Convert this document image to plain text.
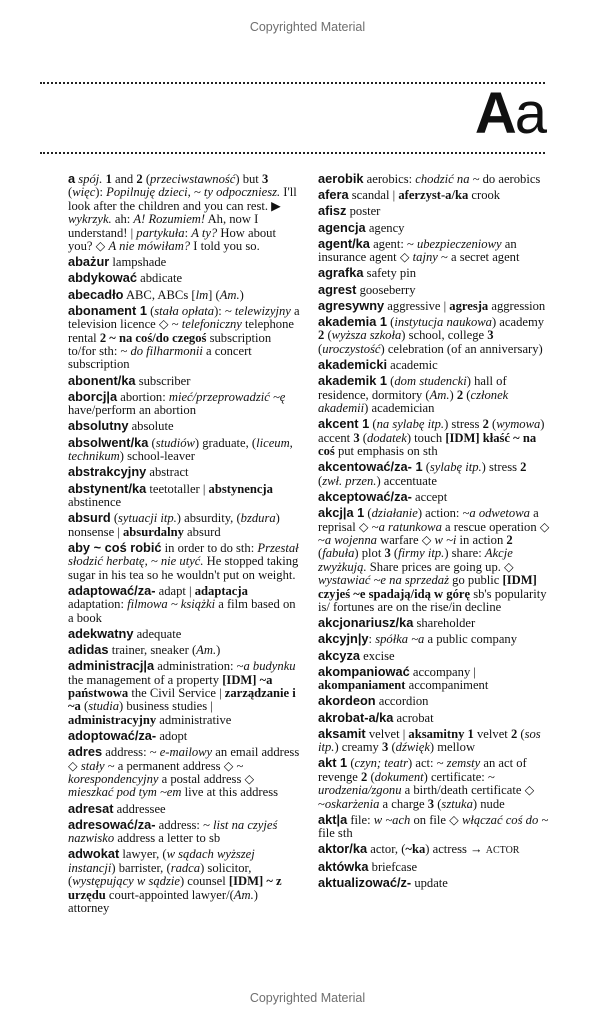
Copyrighted Material
Aa
a spój. 1 and 2 (przeciwstawność) but 3 (więc): Popilnuję dzieci, ~ ty odpoczniesz. I'll look after the children and you can rest. ▶ wykrzyk. ah: A! Rozumiem! Ah, now I understand! | partykuła: A ty? How about you? ◇ A nie mówiłam? I told you so.
abażur lampshade
abdykować abdicate
abecadło ABC, ABCs [lm] (Am.)
abonament 1 (stała opłata): ~ telewizyjny a television licence ◇ ~ telefoniczny telephone rental 2 ~ na coś/do czegoś subscription to/for sth: ~ do filharmonii a concert subscription
abonent/ka subscriber
aborcj|a abortion: mieć/przeprowadzić ~ę have/perform an abortion
absolutny absolute
absolwent/ka (studiów) graduate, (liceum, technikum) school-leaver
abstrakcyjny abstract
abstynent/ka teetotaller | abstynencja abstinence
absurd (sytuacji itp.) absurdity, (bzdura) nonsense | absurdalny absurd
aby ~ coś robić in order to do sth: Przestał słodzić herbatę, ~ nie utyć. He stopped taking sugar in his tea so he wouldn't put on weight.
adaptować/za- adapt | adaptacja adaptation: filmowa ~ książki a film based on a book
adekwatny adequate
adidas trainer, sneaker (Am.)
administracj|a administration: ~a budynku the management of a property [IDM] ~a państwowa the Civil Service | zarządzanie i ~a (studia) business studies | administracyjny administrative
adoptować/za- adopt
adres address: ~ e-mailowy an email address ◇ stały ~ a permanent address ◇ ~ korespondencyjny a postal address ◇ mieszkać pod tym ~em live at this address
adresat addressee
adresować/za- address: ~ list na czyjeś nazwisko address a letter to sb
adwokat lawyer, (w sądach wyższej instancji) barrister, (radca) solicitor, (występujący w sądzie) counsel [IDM] ~ z urzędu court-appointed lawyer/(Am.) attorney
aerobik aerobics: chodzić na ~ do aerobics
afera scandal | aferzyst-a/ka crook
afisz poster
agencja agency
agent/ka agent: ~ ubezpieczeniowy an insurance agent ◇ tajny ~ a secret agent
agrafka safety pin
agrest gooseberry
agresywny aggressive | agresja aggression
akademia 1 (instytucja naukowa) academy 2 (wyższa szkoła) school, college 3 (uroczystość) celebration (of an anniversary)
akademicki academic
akademik 1 (dom studencki) hall of residence, dormitory (Am.) 2 (członek akademii) academician
akcent 1 (na sylabę itp.) stress 2 (wymowa) accent 3 (dodatek) touch [IDM] kłaść ~ na coś put emphasis on sth
akcentować/za- 1 (sylabę itp.) stress 2 (zwł. przen.) accentuate
akceptować/za- accept
akcj|a 1 (działanie) action: ~a odwetowa a reprisal ◇ ~a ratunkowa a rescue operation ◇ ~a wojenna warfare ◇ w ~i in action 2 (fabuła) plot 3 (firmy itp.) share: Akcje zwyżkują. Share prices are going up. ◇ wystawiać ~e na sprzedaż go public [IDM] czyjeś ~e spadają/idą w górę sb's popularity is/ fortunes are on the rise/in decline
akcjonariusz/ka shareholder
akcyjn|y: spółka ~a a public company
akcyza excise
akompaniować accompany | akompaniament accompaniment
akordeon accordion
akrobat-a/ka acrobat
aksamit velvet | aksamitny 1 velvet 2 (sos itp.) creamy 3 (dźwięk) mellow
akt 1 (czyn; teatr) act: ~ zemsty an act of revenge 2 (dokument) certificate: ~ urodzenia/zgonu a birth/death certificate ◇ ~oskarżenia a charge 3 (sztuka) nude
akt|a file: w ~ach on file ◇ włączać coś do ~ file sth
aktor/ka actor, (~ka) actress → ACTOR
aktówka briefcase
aktualizować/z- update
Copyrighted Material
